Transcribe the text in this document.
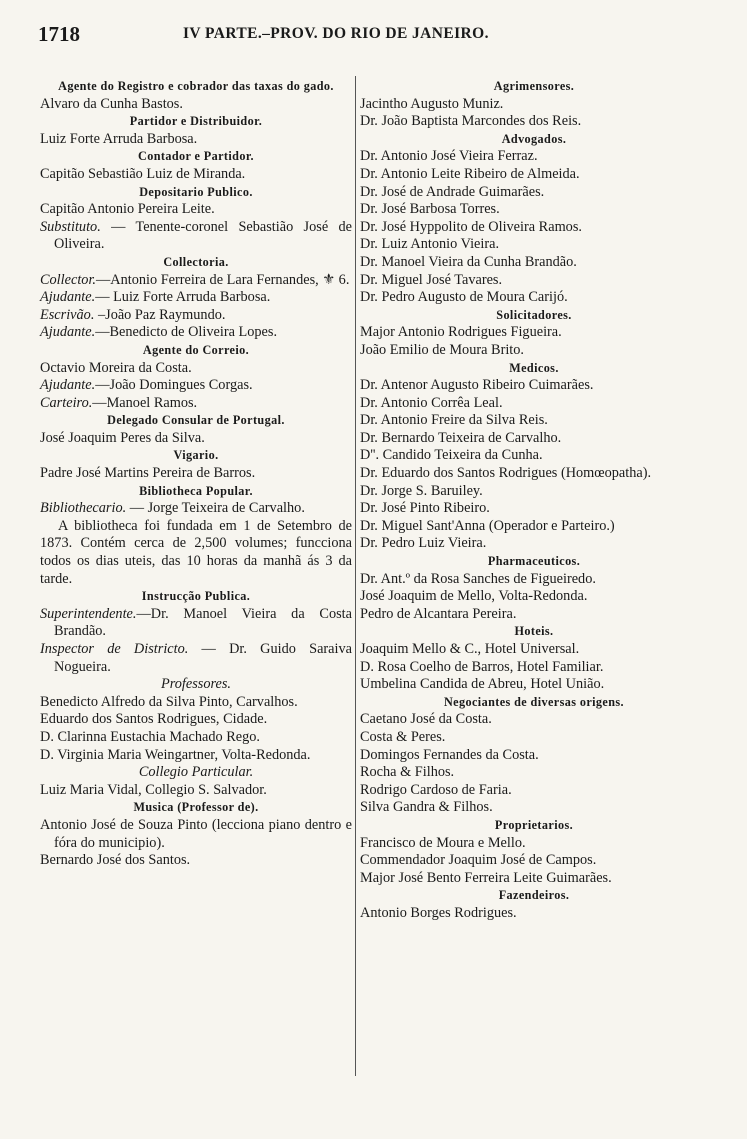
1718	IV PARTE.–PROV. DO RIO DE JANEIRO.
Agente do Registro e cobrador das taxas do gado.
Alvaro da Cunha Bastos.
Partidor e Distribuidor.
Luiz Forte Arruda Barbosa.
Contador e Partidor.
Capitão Sebastião Luiz de Miranda.
Depositario Publico.
Capitão Antonio Pereira Leite.
Substituto. — Tenente-coronel Sebastião José de Oliveira.
Collectoria.
Collector.—Antonio Ferreira de Lara Fernandes, ⚜ 6.
Ajudante.— Luiz Forte Arruda Barbosa.
Escrivão. –João Paz Raymundo.
Ajudante.—Benedicto de Oliveira Lopes.
Agente do Correio.
Octavio Moreira da Costa.
Ajudante.—João Domingues Corgas.
Carteiro.—Manoel Ramos.
Delegado Consular de Portugal.
José Joaquim Peres da Silva.
Vigario.
Padre José Martins Pereira de Barros.
Bibliotheca Popular.
Bibliothecario. — Jorge Teixeira de Carvalho.
A bibliotheca foi fundada em 1 de Setembro de 1873. Contém cerca de 2,500 volumes; funcciona todos os dias uteis, das 10 horas da manhã ás 3 da tarde.
Instrucção Publica.
Superintendente.—Dr. Manoel Vieira da Costa Brandão.
Inspector de Districto. — Dr. Guido Saraiva Nogueira.
Professores.
Benedicto Alfredo da Silva Pinto, Carvalhos.
Eduardo dos Santos Rodrigues, Cidade.
D. Clarinna Eustachia Machado Rego.
D. Virginia Maria Weingartner, Volta-Redonda.
Collegio Particular.
Luiz Maria Vidal, Collegio S. Salvador.
Musica (Professor de).
Antonio José de Souza Pinto (lecciona piano dentro e fóra do municipio).
Bernardo José dos Santos.
Agrimensores.
Jacintho Augusto Muniz.
Dr. João Baptista Marcondes dos Reis.
Advogados.
Dr. Antonio José Vieira Ferraz.
Dr. Antonio Leite Ribeiro de Almeida.
Dr. José de Andrade Guimarães.
Dr. José Barbosa Torres.
Dr. José Hyppolito de Oliveira Ramos.
Dr. Luiz Antonio Vieira.
Dr. Manoel Vieira da Cunha Brandão.
Dr. Miguel José Tavares.
Dr. Pedro Augusto de Moura Carijó.
Solicitadores.
Major Antonio Rodrigues Figueira.
João Emilio de Moura Brito.
Medicos.
Dr. Antenor Augusto Ribeiro Cuimarães.
Dr. Antonio Corrêa Leal.
Dr. Antonio Freire da Silva Reis.
Dr. Bernardo Teixeira de Carvalho.
D''. Candido Teixeira da Cunha.
Dr. Eduardo dos Santos Rodrigues (Homœopatha).
Dr. Jorge S. Baruiley.
Dr. José Pinto Ribeiro.
Dr. Miguel Sant'Anna (Operador e Parteiro.)
Dr. Pedro Luiz Vieira.
Pharmaceuticos.
Dr. Ant.º da Rosa Sanches de Figueiredo.
José Joaquim de Mello, Volta-Redonda.
Pedro de Alcantara Pereira.
Hoteis.
Joaquim Mello & C., Hotel Universal.
D. Rosa Coelho de Barros, Hotel Familiar.
Umbelina Candida de Abreu, Hotel União.
Negociantes de diversas origens.
Caetano José da Costa.
Costa & Peres.
Domingos Fernandes da Costa.
Rocha & Filhos.
Rodrigo Cardoso de Faria.
Silva Gandra & Filhos.
Proprietarios.
Francisco de Moura e Mello.
Commendador Joaquim José de Campos.
Major José Bento Ferreira Leite Guimarães.
Fazendeiros.
Antonio Borges Rodrigues.
